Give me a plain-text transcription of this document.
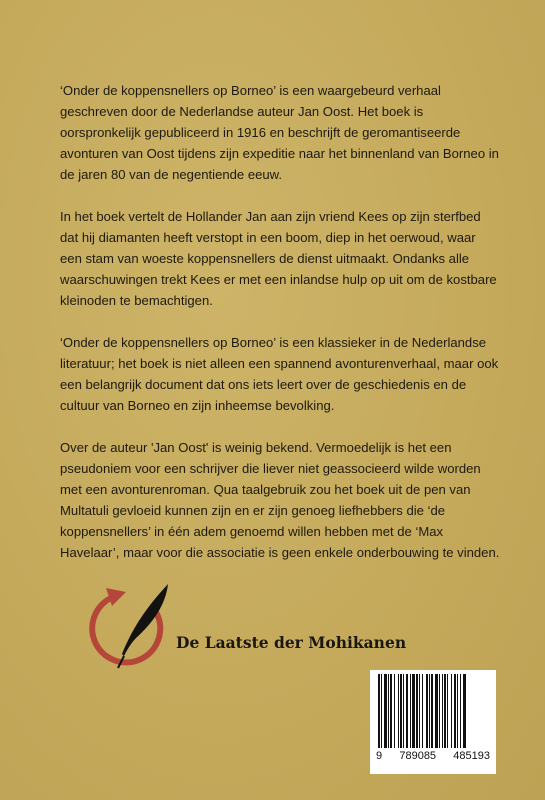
‘Onder de koppensnellers op Borneo’ is een waargebeurd verhaal geschreven door de Nederlandse auteur Jan Oost. Het boek is oorspronkelijk gepubliceerd in 1916 en beschrijft de geromantiseerde avonturen van Oost tijdens zijn expeditie naar het binnenland van Borneo in de jaren 80 van de negentiende eeuw.

In het boek vertelt de Hollander Jan aan zijn vriend Kees op zijn sterfbed dat hij diamanten heeft verstopt in een boom, diep in het oerwoud, waar een stam van woeste koppensnellers de dienst uitmaakt. Ondanks alle waarschuwingen trekt Kees er met een inlandse hulp op uit om de kostbare kleinoden te bemachtigen.

‘Onder de koppensnellers op Borneo’ is een klassieker in de Nederlandse literatuur; het boek is niet alleen een spannend avonturenverhaal, maar ook een belangrijk document dat ons iets leert over de geschiedenis en de cultuur van Borneo en zijn inheemse bevolking.

Over de auteur 'Jan Oost' is weinig bekend. Vermoedelijk is het een pseudoniem voor een schrijver die liever niet geassocieerd wilde worden met een avonturenroman. Qua taalgebruik zou het boek uit de pen van Multatuli gevloeid kunnen zijn en er zijn genoeg liefhebbers die ‘de koppensnellers’ in één adem genoemd willen hebben met de ‘Max Havelaar’, maar voor die associatie is geen enkele onderbouwing te vinden.

De Laatste der Mohikanen
9 789085 485193
